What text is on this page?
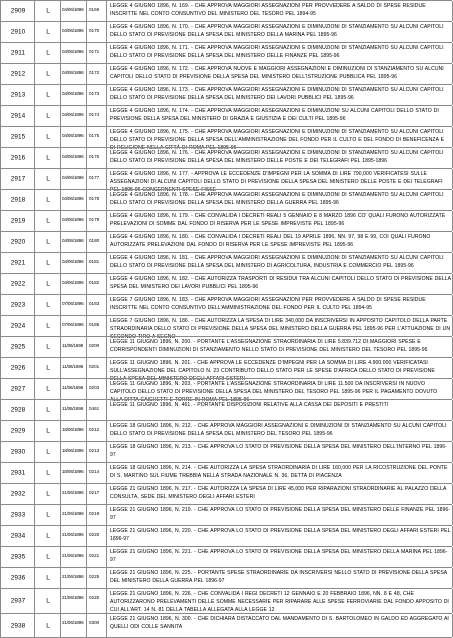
2909	L	04/06/1896 0169
LEGGE 4 GIUGNO 1896, N. 169. - CHE APPROVA MAGGIORI ASSEGNAZIONI PER PROVVEDERE A SALDO DI SPESE RESIDUE INSCRITTE NEL CONTO CONSUNTIVO DEL MINISTERO DEL TESORO PEL 1894-95
2910	L	04/06/1896 0170
LEGGE 4 GIUGNO 1896, N. 170. - CHE APPROVA MAGGIORI ASSEGNAZIONI E DIMINUZIONI DI STANZIAMENTO SU ALCUNI CAPITOLI DELLO STATO DI PREVISIONE DELLA SPESA DEL MINISTERO DELLA MARINA PEL 1895-96
2911	L	04/06/1896 0171
LEGGE 4 GIUGNO 1896, N. 171. - CHE APPROVA MAGGIORI ASSEGNAZIONI E DIMINUZIONI DI STANZIAMENTO SU ALCUNI CAPITOLI DELLO STATO DI PREVISIONE DELLA SPESA DEL MINISTERO DELLE FINANZE PEL 1895-96
2912	L	04/06/1896 0172
LEGGE 4 GIUGNO 1896, N. 172. - CHE APPROVA NUOVE E MAGGIORI ASSEGNAZIONI E DIMINUZIONI DI STANZIAMENTO SU ALCUNI CAPITOLI DELLO STATO DI PREVISIONE DELLA SPESA DEL MINISTERO DELL'ISTRUZIONE PUBBLICA PEL 1895-96
2913	L	04/06/1896 0173
LEGGE 4 GIUGNO 1896, N. 173. - CHE APPROVA MAGGIORI ASSEGNAZIONI E DIMINUZIONI DI STANZIAMENTO SU ALCUNI CAPITOLI DELLO STATO DI PREVISIONE DELLA SPESA DEL MINISTERO DEI LAVORI PUBBLICI PEL 1895-96
2914	L	04/06/1896 0174
LEGGE 4 GIUGNO 1896, N. 174. - CHE APPROVA MAGGIORI ASSEGNAZIONI E DIMINUZIONI SU ALCUNI CAPITOLI DELLO STATO DI PREVISIONE DELLA SPESA DEL MINISTERO DI GRAZIA E GIUSTIZIA E DEI CULTI PEL 1895-96
2915	L	04/06/1896 0175
LEGGE 4 GIUGNO 1896, N. 175. - CHE APPROVA MAGGIORI ASSEGNAZIONI E DIMINUZIONI DI STANZIAMENTO SU ALCUNI CAPITOLI DELLO STATO DI PREVISIONE DELLA SPESA DELL'AMMINISTRAZIONE DEL FONDO PER IL CULTO E DEL FONDO DI BENEFICENZA E DI RELIGIONE NELLA CITTÀ DI ROMA PEL 1895-96
2916	L	04/06/1896 0176
LEGGE 4 GIUGNO 1896, N. 176. - CHE APPROVA MAGGIORI ASSEGNAZIONI E DIMINUZIONI DI STANZIAMENTO SU ALCUNI CAPITOLI DELLO STATO DI PREVISIONE DELLA SPESA DEL MINISTERO DELLE POSTE E DEI TELEGRAFI PEL 1895-1896
2917	L	04/06/1896 0177
LEGGE 4 GIUGNO 1896, N. 177. - APPROVA LE ECCEDENZE D'IMPEGNI PER LA SOMMA DI LIRE 790,000 VERIFICATESI SULLE ASSEGNAZIONI DI ALCUNI CAPITOLI DELLO STATO DI PREVISIONE DELLA SPESA DEL MINISTERO DELLE POSTE E DEI TELEGRAFI PEL 1895-96 CONCERNENTI SPESE FISSE
2918	L	04/06/1896 0178
LEGGE 4 GIUGNO 1896, N. 178. - CHE APPROVA MAGGIORI ASSEGNAZIONI E DIMINUZIONI DI STANZIAMENTO SU ALCUNI CAPITOLI DELLO STATO DI PREVISIONE DELLA SPESA DEL MINISTERO DELLA GUERRA PEL 1895-96
2919	L	04/06/1896 0179
LEGGE 4 GIUGNO 1896, N. 179. - CHE CONVALIDA I DECRETI REALI 5 GENNAIO E 8 MARZO 1896 CO' QUALI FURONO AUTORIZZATE PRELEVAZIONI DI SOMME DAL FONDO DI RISERVA PER LE SPESE IMPREVISTE PEL 1895-96
2920	L	04/06/1896 0180
LEGGE 4 GIUGNO 1896, N. 180. - CHE CONVALIDA I DECRETI REALI DEL 19 APRILE 1896, NN. 97, 98 E 99, COI QUALI FURONO AUTORIZZATE PRELEVAZIONI DAL FONDO DI RISERVA PER LE SPESE IMPREVISTE PEL 1895-96
2921	L	04/06/1896 0181
LEGGE 4 GIUGNO 1896, N. 181. - CHE APPROVA MAGGIORI ASSEGNAZIONI E DIMINUZIONI DI STANZIAMENTO SU ALCUNI CAPITOLI DELLO STATO DI PREVISIONE DELLA SPESA DEL MINISTERO DI AGRICOLTURA, INDUSTRIA E COMMERCIO PEL 1895-96
2922	L	04/06/1896 0182
LEGGE 4 GIUGNO 1896, N. 182. - CHE AUTORIZZA TRASPORTI DI RESIDUI TRA ALCUNI CAPITOLI DELLO STATO DI PREVISIONE DELLA SPESA DEL MINISTERO DEI LAVORI PUBBLICI PEL 1895-96
2923	L	07/06/1896 0183
LEGGE 7 GIUGNO 1896, N. 183. - CHE APPROVA MAGGIORI ASSEGNAZIONI PER PROVVEDERE A SALDO DI SPESE RESIDUE INSCRITTE NEL CONTO CONSUNTIVO DELL'AMMINISTRAZIONE DEL FONDO PER IL CULTO PEL 1894-95
2924	L	07/06/1896 0186
LEGGE 7 GIUGNO 1896, N. 186. - CHE AUTORIZZA LA SPESA DI LIRE 340,000 DA INSCRIVERSI IN APPOSITO CAPITOLO DELLA PARTE STRAORDINARIA DELLO STATO DI PREVISIONE DELLA SPESA DEL MINISTERO DELLA GUERRA PEL 1895-96 PER L'ATTUAZIONE DI UN SECONDO TIRO A SEGNO
2925	L	11/06/1896 0200
LEGGE 11 GIUGNO 1896, N. 200. - PORTANTE L'ASSEGNAZIONE STRAORDINARIA DI LIRE 5.839.712 DI MAGGIORI SPESE E CORRISPONDENTI DIMINUZIONI DI STANZIAMENTO NELLO STATO DI PREVISIONE DEL MINISTERO DEL TESORO PEL 1895-96
2926	L	11/06/1896 0201
LEGGE 11 GIUGNO 1896, N. 201. - CHE APPROVA LE ECCEDENZE D'IMPEGNI PER LA SOMMA DI LIRE 4.900.000 VERIFICATASI SULL'ASSEGNAZIONE DEL CAPITOLO N. 23 CONTRIBUTO DELLO STATO PER LE SPESE D'AFRICA DELLO STATO DI PREVISIONE DELLA SPESA DEL MINISTERO DEGLI AFFARI ESTERI
2927	L	11/06/1896 0203
LEGGE 11 GIUGNO 1896, N. 203. - PORTANTE L'ASSEGNAZIONE STRAORDINARIA DI LIRE 11.500 DA INSCRIVERSI IN NUOVO CAPITOLO DELLO STATO DI PREVISIONE DELLA SPESA DEL MINISTERO DEL TESORO PEL 1895-96 PER IL PAGAMENTO DOVUTO ALLA DITTA CAICHETTI E TORRE IN ROMA PEL 1895-96
2928	L	11/06/1896 0461
LEGGE 11 GIUGNO 1896, N. 461. - PORTANTE DISPOSIZIONI RELATIVE ALLA CASSA DEI DEPOSITI E PRESTITI
2929	L	18/06/1896 0212
LEGGE 18 GIUGNO 1896, N. 212. - CHE APPROVA MAGGIORI ASSEGNAZIONI E DIMINUZIONI DI STANZIAMENTO SU ALCUNI CAPITOLI DELLO STATO DI PREVISIONE DELLA SPESA DEL MINISTERO DEL TESORO PEL 1895-96
2930	L	18/06/1896 0213
LEGGE 18 GIUGNO 1896, N. 213. - CHE APPROVA LO STATO DI PREVISIONE DELLA SPESA DEL MINISTERO DELL'INTERNO PEL 1896-97
2931	L	18/06/1896 0214
LEGGE 18 GIUGNO 1896, N. 214. - CHE AUTORIZZA LA SPESA STRAORDINARIA DI LIRE 160,000 PER LA RICOSTRUZIONE DEL PONTE DI S. MARTINO SUL FIUME TREBBIA NELLA STRADA NAZIONALE N. 36, DETTA DI PIACENZA
2932	L	21/06/1896 0217
LEGGE 21 GIUGNO 1896, N. 217. - CHE AUTORIZZA LA SPESA DI LIRE 45,000 PER RIPARAZIONI STRAORDINARIE AL PALAZZO DELLA CONSULTA, SEDE DEL MINISTERO DEGLI AFFARI ESTERI
2933	L	21/06/1896 0219
LEGGE 21 GIUGNO 1896, N. 219. - CHE APPROVA LO STATO DI PREVISIONE DELLA SPESA DEL MINISTERO DELLE FINANZE PEL 1896-97
2934	L	21/06/1896 0220
LEGGE 21 GIUGNO 1896, N. 220. - CHE APPROVA LO STATO DI PREVISIONE DELLA SPESA DEL MINISTERO DEGLI AFFARI ESTERI PEL 1896-97
2935	L	21/06/1896 0221
LEGGE 21 GIUGNO 1896, N. 221. - CHE APPROVA LO STATO DI PREVISIONE DELLA SPESA DEL MINISTERO DELLA MARINA PEL 1896-97
2936	L	21/06/1896 0225
LEGGE 21 GIUGNO 1896, N. 225. - PORTANTE SPESE STRAORDINARIE DA INSCRIVERSI NELLO STATO DI PREVISIONE DELLA SPESA DEL MINISTERO DELLA GUERRA PEL 1896-97
2937	L	21/06/1896 0226
LEGGE 21 GIUGNO 1896, N. 226. - CHE CONVALIDA I REGI DECRETI 12 GENNAIO E 20 FEBBRAIO 1896, NN. 8 E 48, CHE AUTORIZZARONO PRELEVAMENTI DELLE SOMME NECESSARIE PER RIPARARE ALLE SPESE FERROVIARIE DAL FONDO APPOSITO DI CUI ALL'ART. 14 N. 81 DELLA TABELLA ALLEGATA ALLA LEGGE 12
2938	L	21/06/1896 0300
LEGGE 21 GIUGNO 1896, N. 300. - CHE DICHIARA DISTACCATO DAL MANDAMENTO DI S. BARTOLOMEO IN GALDO ED AGGREGATO AI QUELLI ODI COLLE SANNITA
